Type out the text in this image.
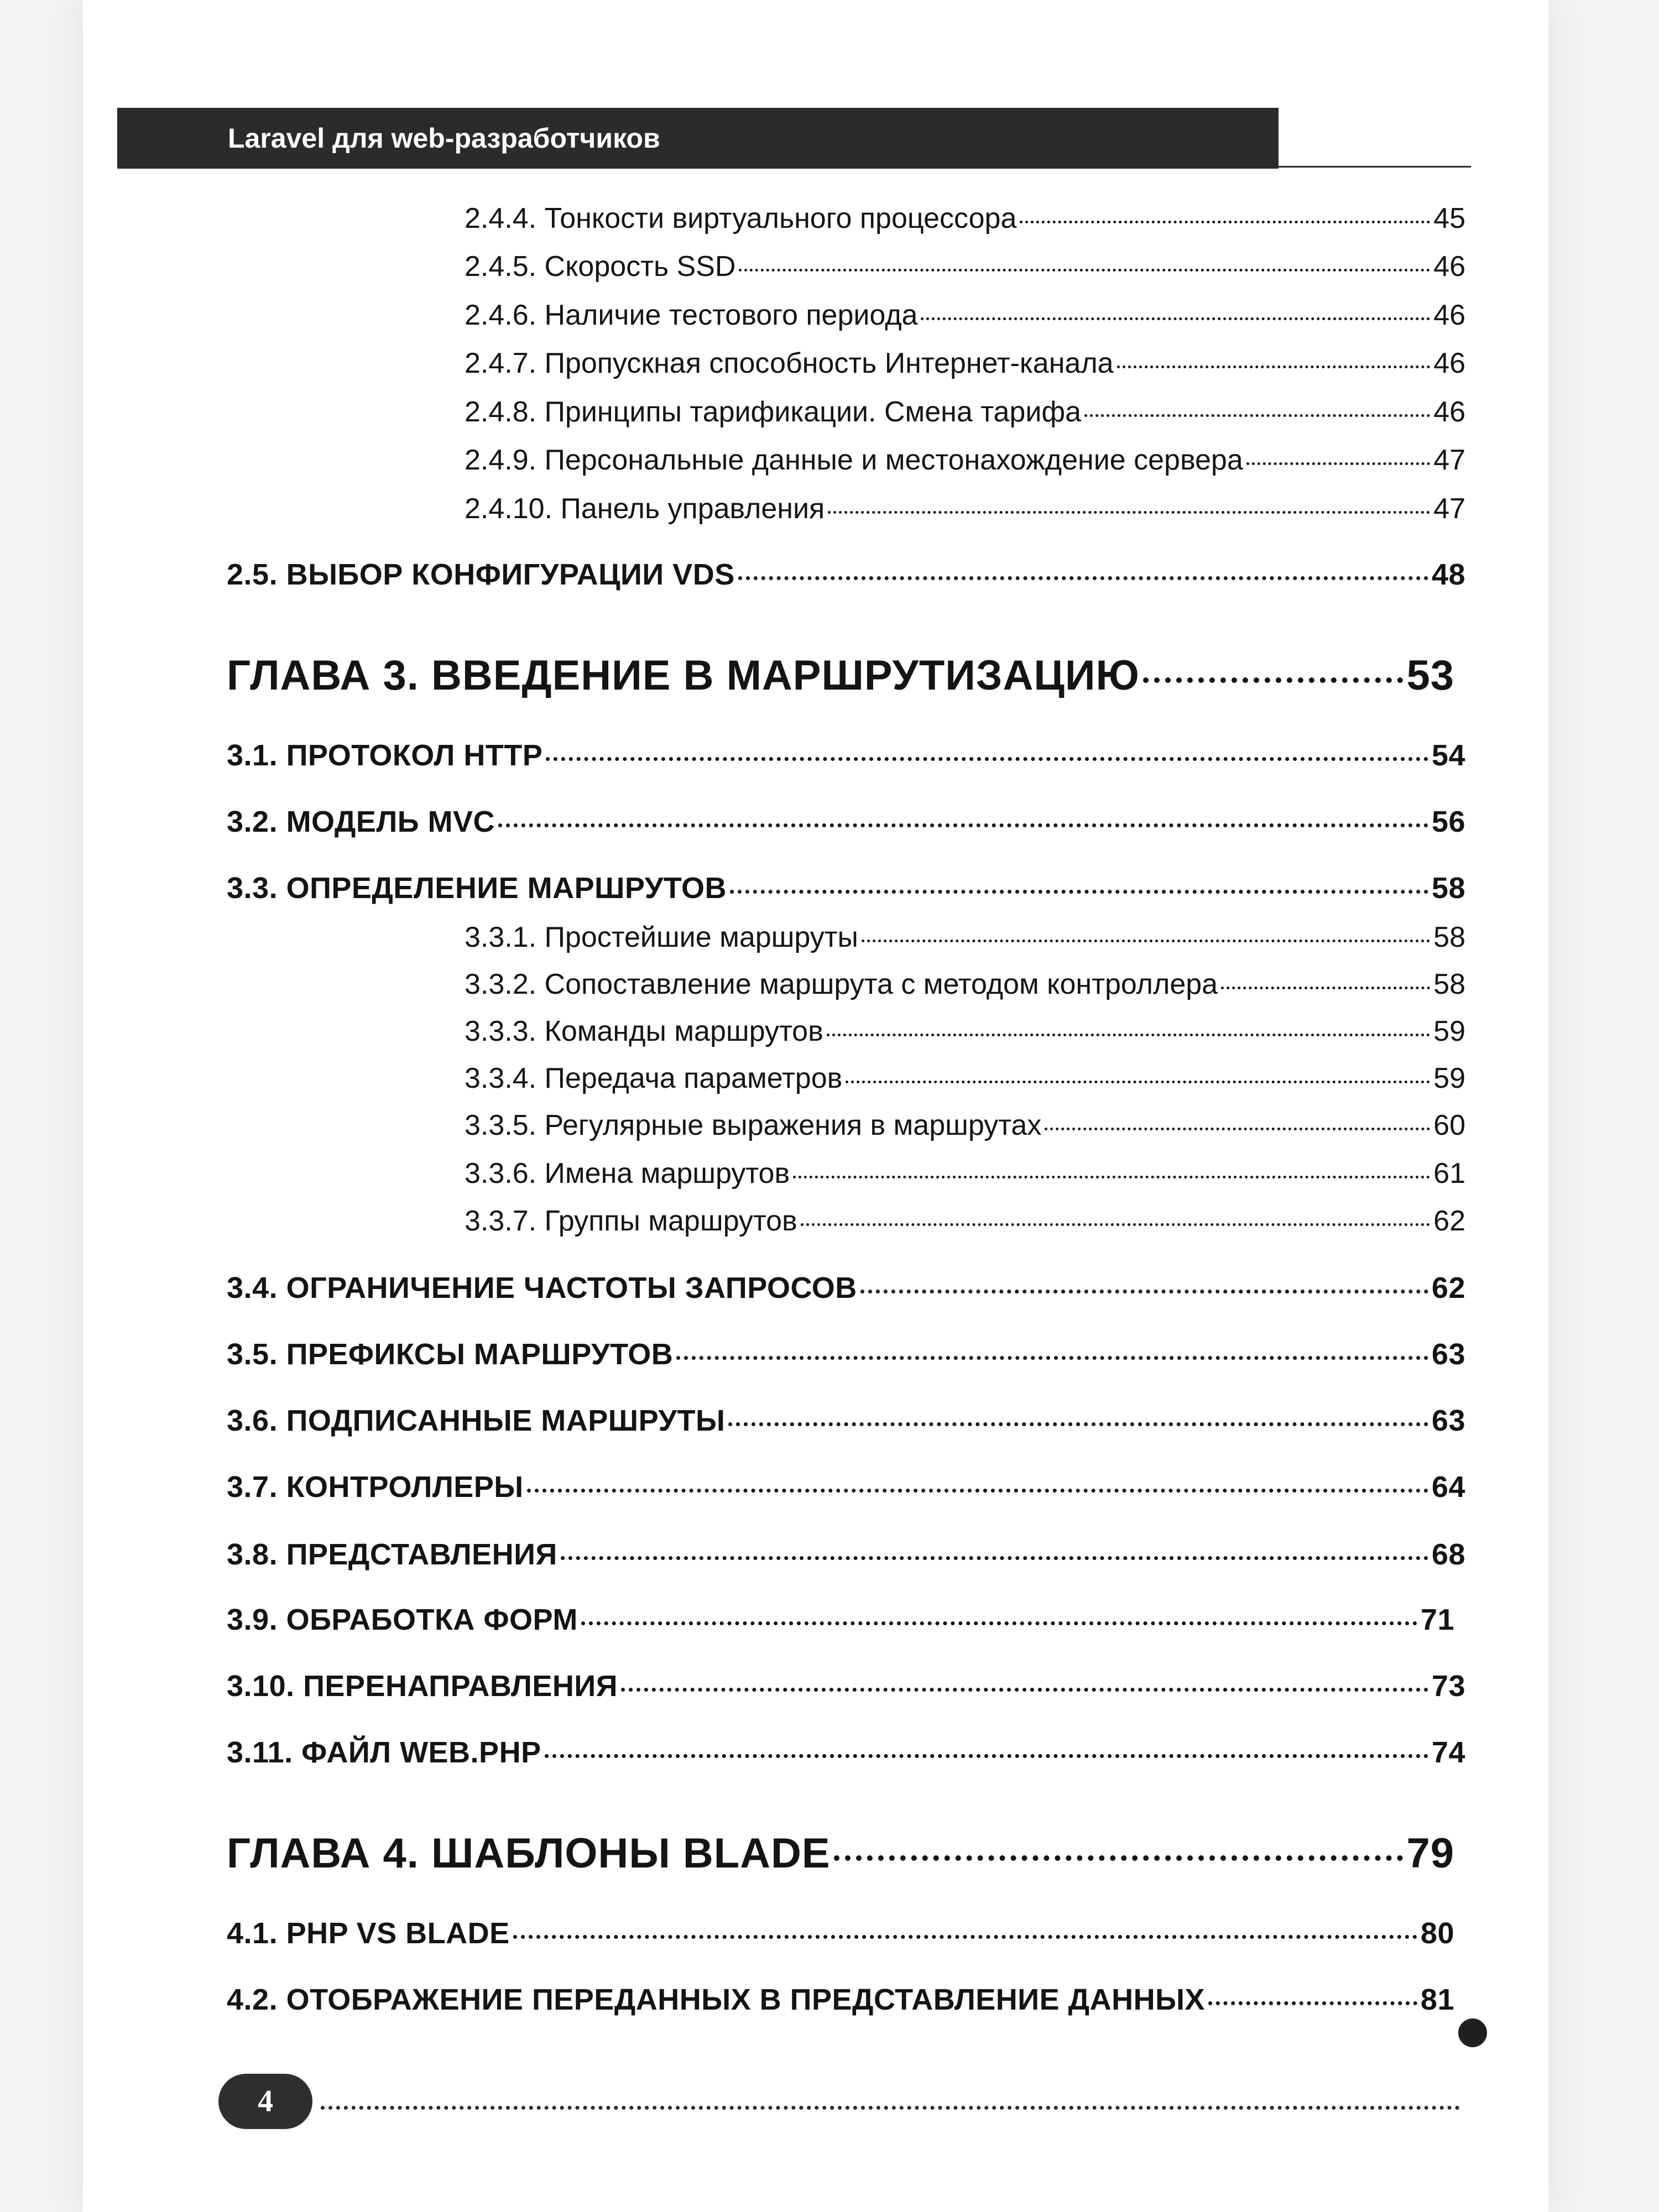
Laravel для web-разработчиков
2.4.4. Тонкости виртуального процессора	45
2.4.5. Скорость SSD	46
2.4.6. Наличие тестового периода	46
2.4.7. Пропускная способность Интернет-канала	46
2.4.8. Принципы тарификации. Смена тарифа	46
2.4.9. Персональные данные и местонахождение сервера	47
2.4.10. Панель управления	47
2.5. ВЫБОР КОНФИГУРАЦИИ VDS	48
ГЛАВА 3. ВВЕДЕНИЕ В МАРШРУТИЗАЦИЮ	53
3.1. ПРОТОКОЛ HTTP	54
3.2. МОДЕЛЬ MVC	56
3.3. ОПРЕДЕЛЕНИЕ МАРШРУТОВ	58
3.3.1. Простейшие маршруты	58
3.3.2. Сопоставление маршрута с методом контроллера	58
3.3.3. Команды маршрутов	59
3.3.4. Передача параметров	59
3.3.5. Регулярные выражения в маршрутах	60
3.3.6. Имена маршрутов	61
3.3.7. Группы маршрутов	62
3.4. ОГРАНИЧЕНИЕ ЧАСТОТЫ ЗАПРОСОВ	62
3.5. ПРЕФИКСЫ МАРШРУТОВ	63
3.6. ПОДПИСАННЫЕ МАРШРУТЫ	63
3.7. КОНТРОЛЛЕРЫ	64
3.8. ПРЕДСТАВЛЕНИЯ	68
3.9. ОБРАБОТКА ФОРМ	71
3.10. ПЕРЕНАПРАВЛЕНИЯ	73
3.11. ФАЙЛ WEB.PHP	74
ГЛАВА 4. ШАБЛОНЫ BLADE	79
4.1. PHP VS BLADE	80
4.2. ОТОБРАЖЕНИЕ ПЕРЕДАННЫХ В ПРЕДСТАВЛЕНИЕ ДАННЫХ	81
4
